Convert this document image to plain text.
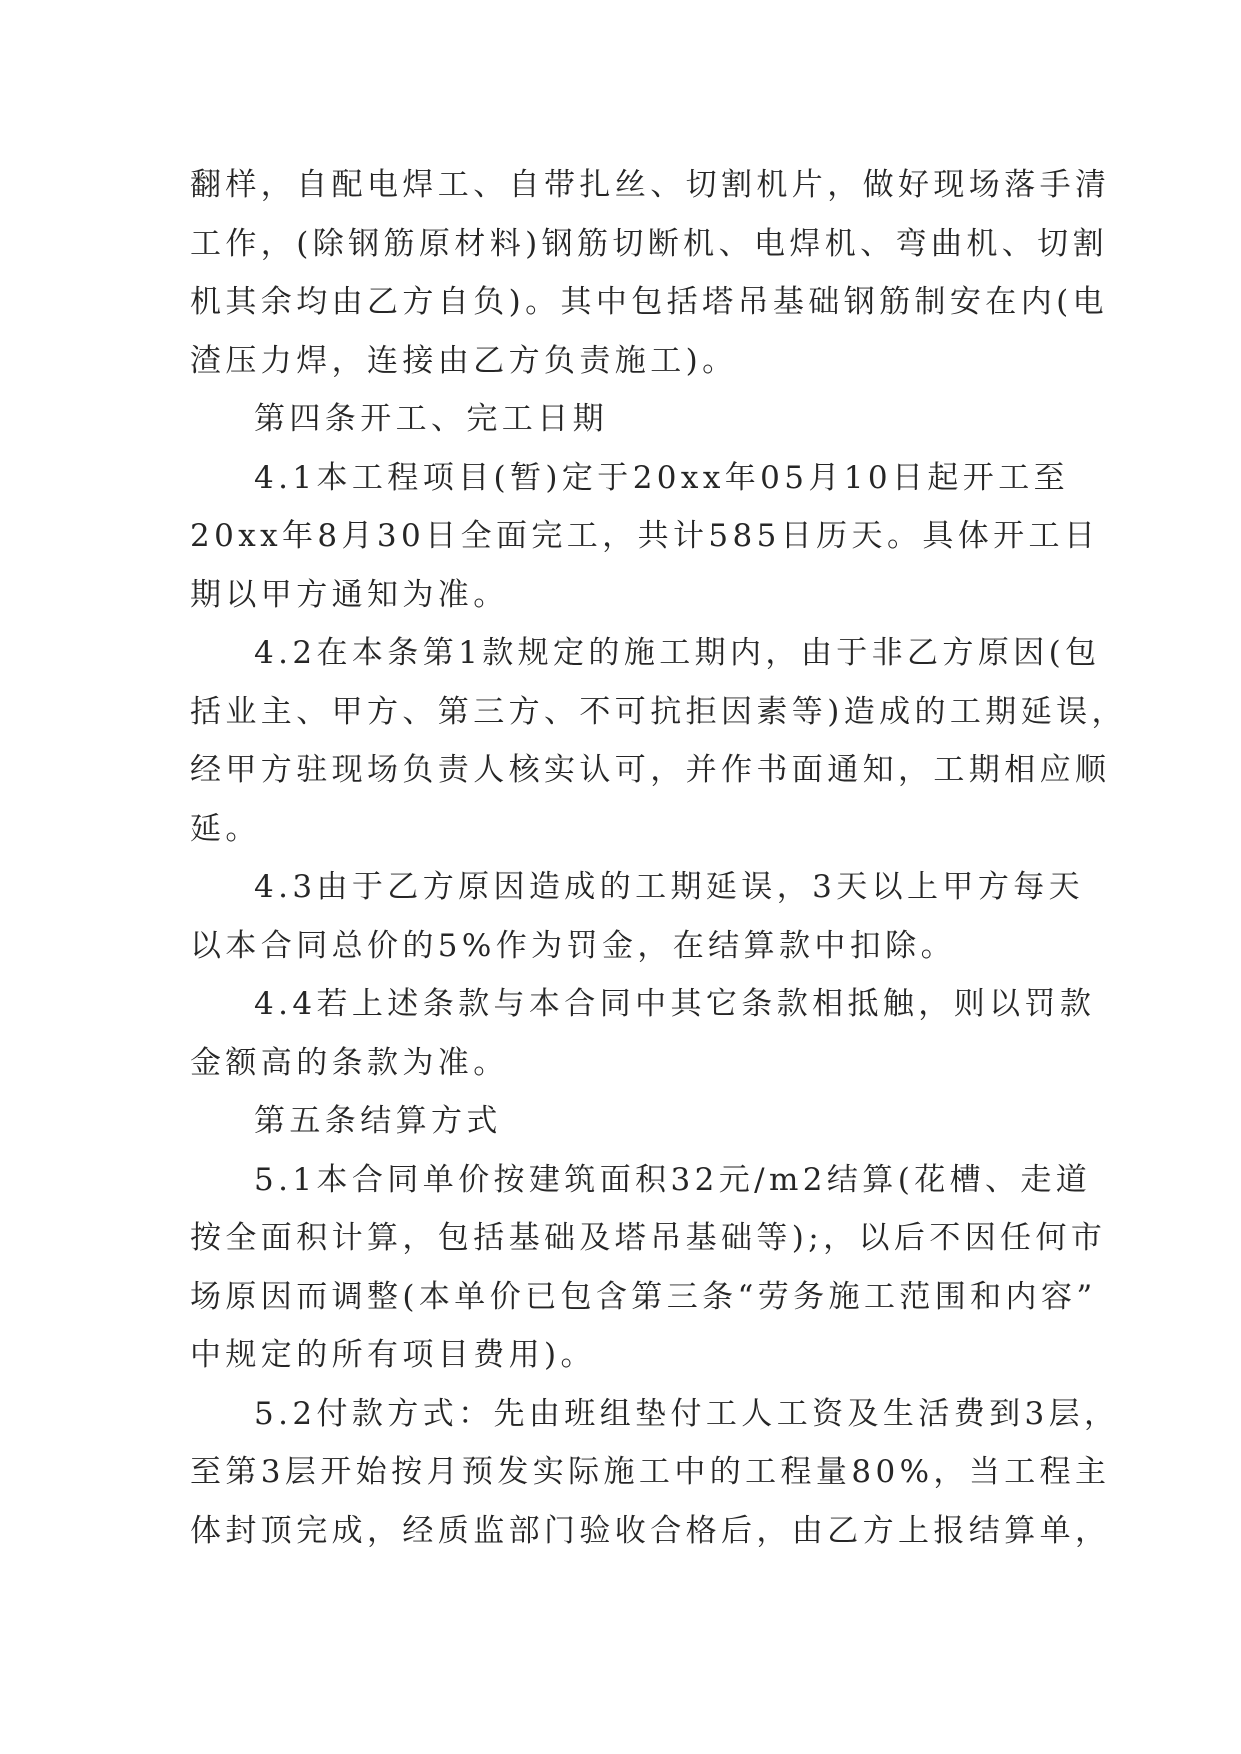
翻样，自配电焊工、自带扎丝、切割机片，做好现场落手清
工作，(除钢筋原材料)钢筋切断机、电焊机、弯曲机、切割
机其余均由乙方自负)。其中包括塔吊基础钢筋制安在内(电
渣压力焊，连接由乙方负责施工)。
第四条开工、完工日期
4.1本工程项目(暂)定于20xx年05月10日起开工至
20xx年8月30日全面完工，共计585日历天。具体开工日
期以甲方通知为准。
4.2在本条第1款规定的施工期内，由于非乙方原因(包
括业主、甲方、第三方、不可抗拒因素等)造成的工期延误，
经甲方驻现场负责人核实认可，并作书面通知，工期相应顺
延。
4.3由于乙方原因造成的工期延误，3天以上甲方每天
以本合同总价的5%作为罚金，在结算款中扣除。
4.4若上述条款与本合同中其它条款相抵触，则以罚款
金额高的条款为准。
第五条结算方式
5.1本合同单价按建筑面积32元/m2结算(花槽、走道
按全面积计算，包括基础及塔吊基础等);，以后不因任何市
场原因而调整(本单价已包含第三条“劳务施工范围和内容”
中规定的所有项目费用)。
5.2付款方式：先由班组垫付工人工资及生活费到3层，
至第3层开始按月预发实际施工中的工程量80%，当工程主
体封顶完成，经质监部门验收合格后，由乙方上报结算单，
